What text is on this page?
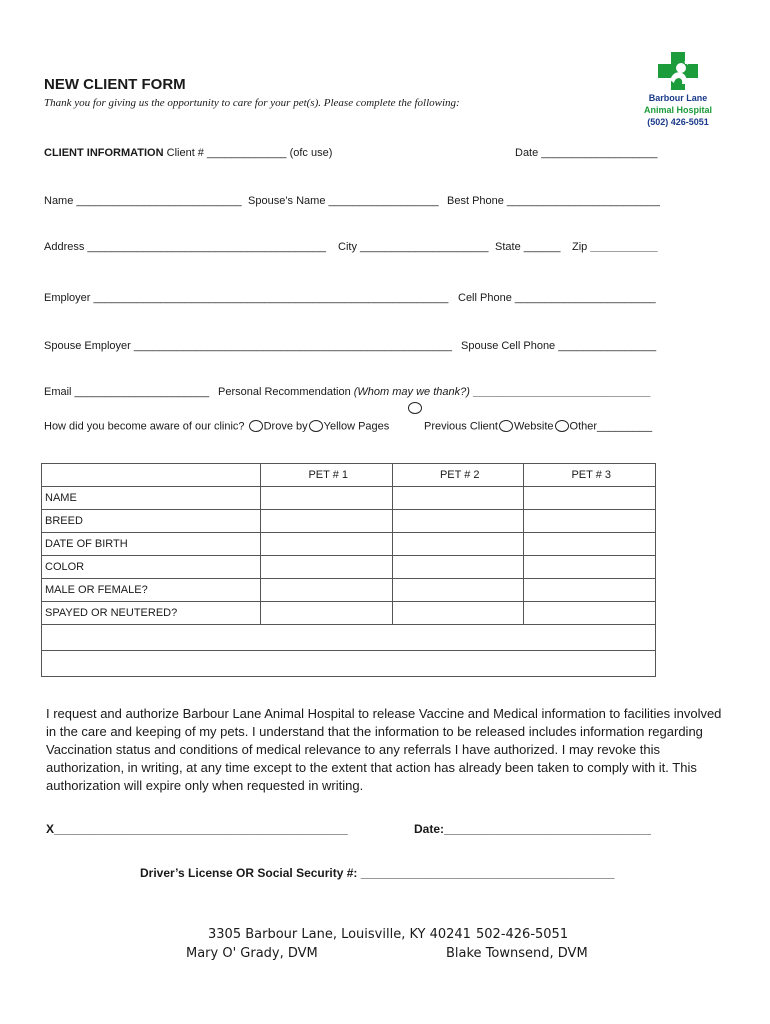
NEW CLIENT FORM
Thank you for giving us the opportunity to care for your pet(s). Please complete the following:	Barbour Lane
Animal Hospital
(502) 426-5051
CLIENT INFORMATION Client # _____________ (ofc use)	Date ___________________
Name ___________________________ Spouse’s Name __________________ Best Phone _________________________
Address _______________________________________ City _____________________ State ______ Zip ___________
Employer __________________________________________________________ Cell Phone _______________________
Spouse Employer ____________________________________________________ Spouse Cell Phone ________________
Email ______________________ Personal Recommendation (Whom may we thank?) _____________________________
How did you become aware of our clinic? Drove by Yellow Pages	Previous Client Website Other_________
	PET # 1	PET # 2	PET # 3
NAME			
BREED			
DATE OF BIRTH			
COLOR			
MALE OR FEMALE?			
SPAYED OR NEUTERED?			

I request and authorize Barbour Lane Animal Hospital to release Vaccine and Medical information to facilities involved in the care and keeping of my pets. I understand that the information to be released includes information regarding Vaccination status and conditions of medical relevance to any referrals I have authorized. I may revoke this authorization, in writing, at any time except to the extent that action has already been taken to comply with it. This authorization will expire only when requested in writing.
X____________________________________________	Date:_______________________________
Driver’s License OR Social Security #: ______________________________________
3305 Barbour Lane, Louisville, KY 40241 502-426-5051
Mary O' Grady, DVM	Blake Townsend, DVM
